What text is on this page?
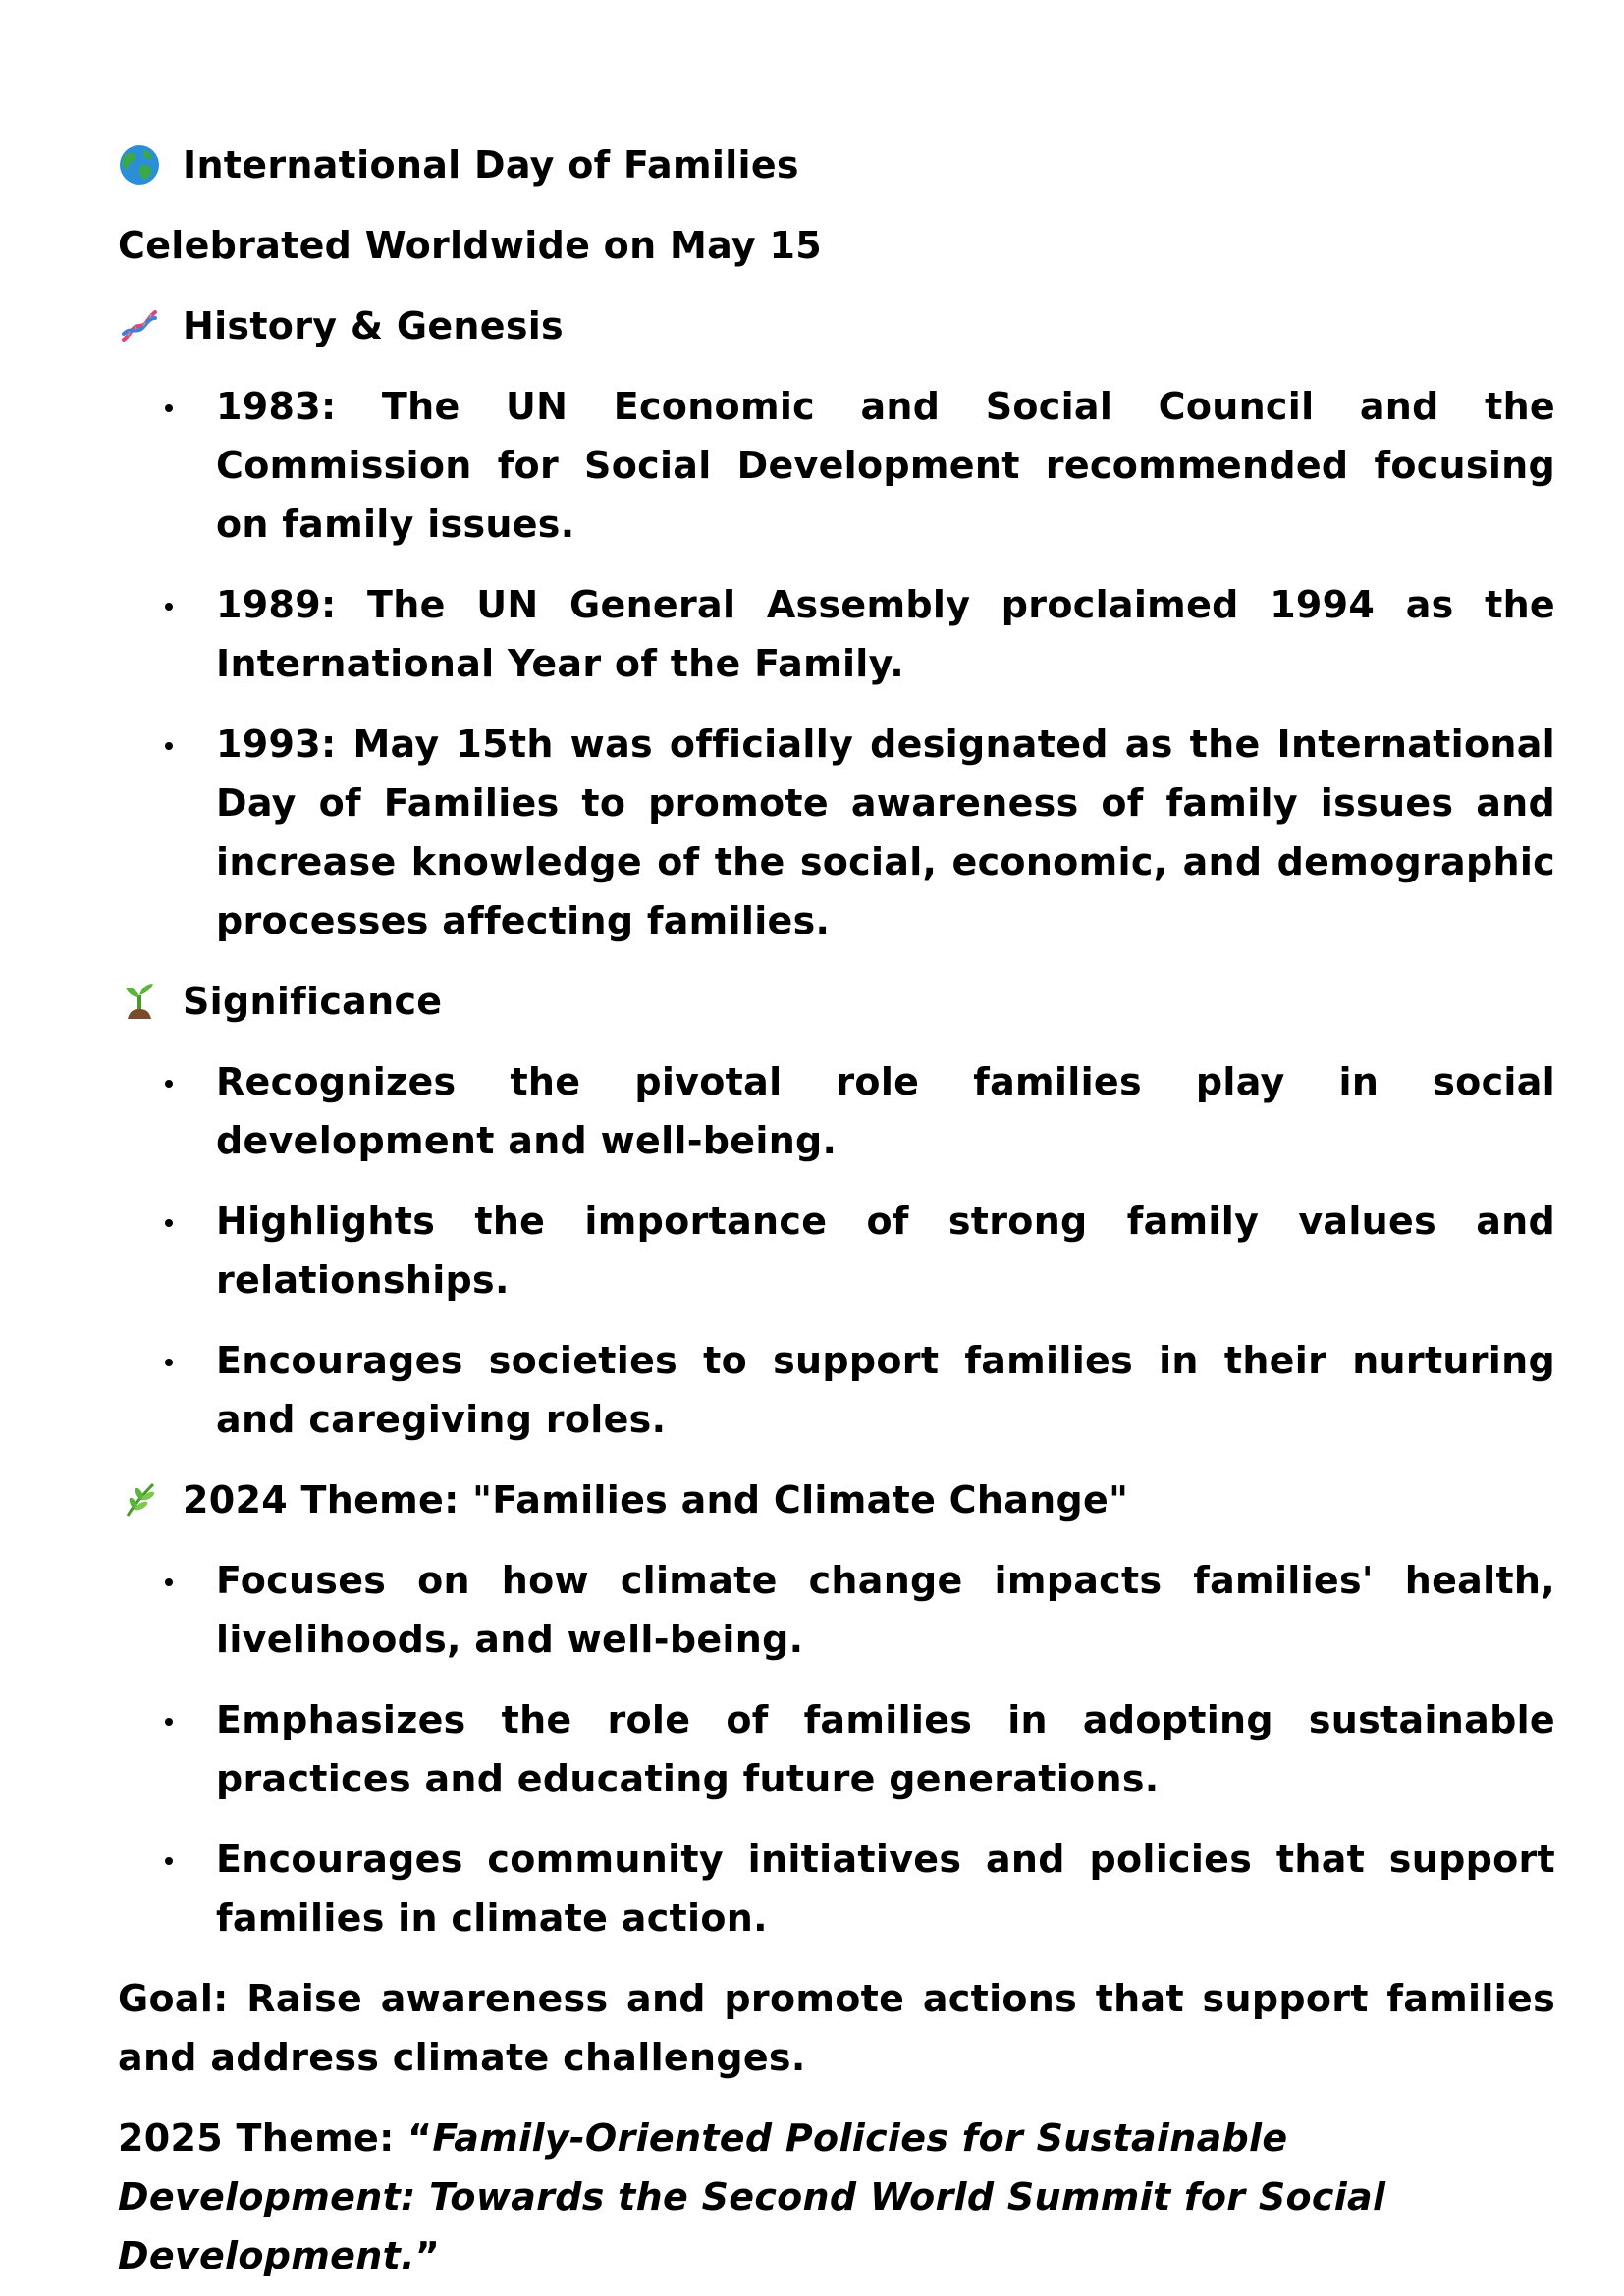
International Day of Families
Celebrated Worldwide on May 15
History & Genesis
1983: The UN Economic and Social Council and the Commission for Social Development recommended focusing on family issues.
1989: The UN General Assembly proclaimed 1994 as the International Year of the Family.
1993: May 15th was officially designated as the International Day of Families to promote awareness of family issues and increase knowledge of the social, economic, and demographic processes affecting families.
Significance
Recognizes the pivotal role families play in social development and well-being.
Highlights the importance of strong family values and relationships.
Encourages societies to support families in their nurturing and caregiving roles.
2024 Theme: "Families and Climate Change"
Focuses on how climate change impacts families' health, livelihoods, and well-being.
Emphasizes the role of families in adopting sustainable practices and educating future generations.
Encourages community initiatives and policies that support families in climate action.
Goal: Raise awareness and promote actions that support families and address climate challenges.
2025 Theme: “Family-Oriented Policies for Sustainable Development: Towards the Second World Summit for Social Development.”
